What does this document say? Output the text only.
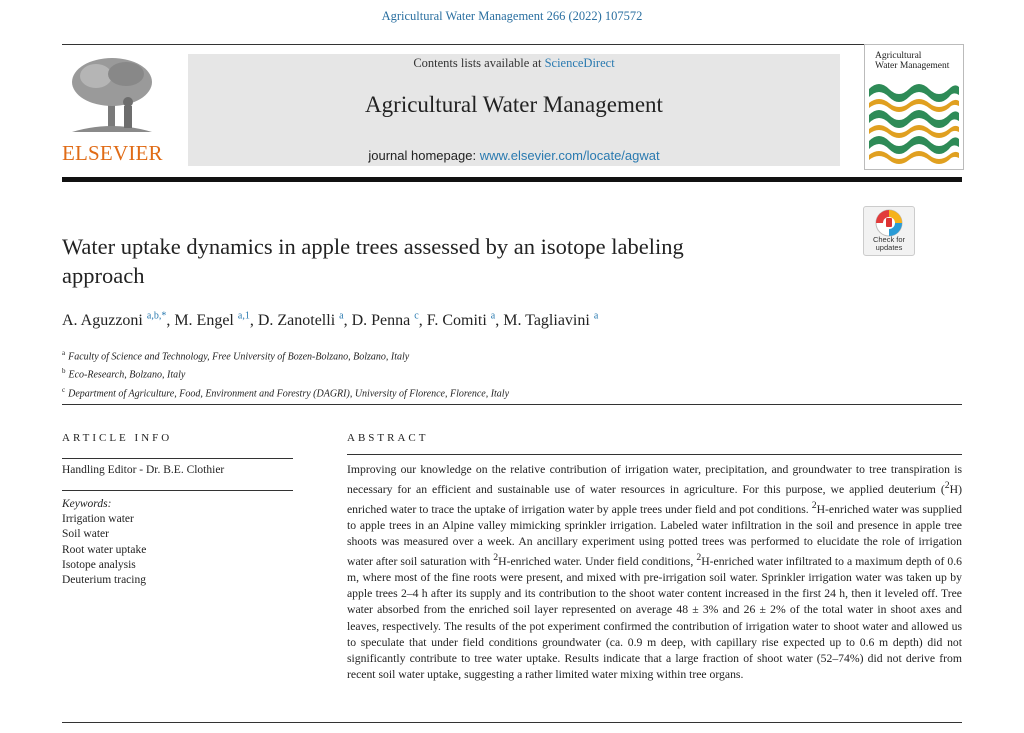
Agricultural Water Management 266 (2022) 107572
ELSEVIER
Contents lists available at ScienceDirect
Agricultural Water Management
journal homepage: www.elsevier.com/locate/agwat
Agricultural
Water Management
Check for
updates
Water uptake dynamics in apple trees assessed by an isotope labeling approach
A. Aguzzoni $^{a,b,*}$, M. Engel $^{a,1}$, D. Zanotelli $^a$, D. Penna $^c$, F. Comiti $^a$, M. Tagliavini $^a$
$^a$ Faculty of Science and Technology, Free University of Bozen-Bolzano, Bolzano, Italy
$^b$ Eco-Research, Bolzano, Italy
$^c$ Department of Agriculture, Food, Environment and Forestry (DAGRI), University of Florence, Florence, Italy
ARTICLE INFO
Handling Editor - Dr. B.E. Clothier
Keywords:
Irrigation water
Soil water
Root water uptake
Isotope analysis
Deuterium tracing
ABSTRACT
Improving our knowledge on the relative contribution of irrigation water, precipitation, and groundwater to tree transpiration is necessary for an efficient and sustainable use of water resources in agriculture. For this purpose, we applied deuterium ($^2$H) enriched water to trace the uptake of irrigation water by apple trees under field and pot conditions. $^2$H-enriched water was supplied to apple trees in an Alpine valley mimicking sprinkler irrigation. Labeled water infiltration in the soil and presence in apple tree shoots was measured over a week. An ancillary experiment using potted trees was performed to elucidate the role of irrigation water after soil saturation with $^2$H-enriched water. Under field conditions, $^2$H-enriched water infiltrated to a maximum depth of 0.6 m, where most of the fine roots were present, and mixed with pre-irrigation soil water. Sprinkler irrigation water was taken up by apple trees 2–4 h after its supply and its contribution to the shoot water content increased in the first 24 h, then it leveled off. Tree water absorbed from the enriched soil layer represented on average 48 ± 3% and 26 ± 2% of the total water in shoot axes and leaves, respectively. The results of the pot experiment confirmed the contribution of irrigation water to shoot water and allowed us to speculate that under field conditions groundwater (ca. 0.9 m deep, with capillary rise expected up to 0.6 m depth) did not significantly contribute to tree water uptake. Results indicate that a large fraction of shoot water (52–74%) did not derive from recent soil water uptake, suggesting a rather limited water mixing within tree organs.
